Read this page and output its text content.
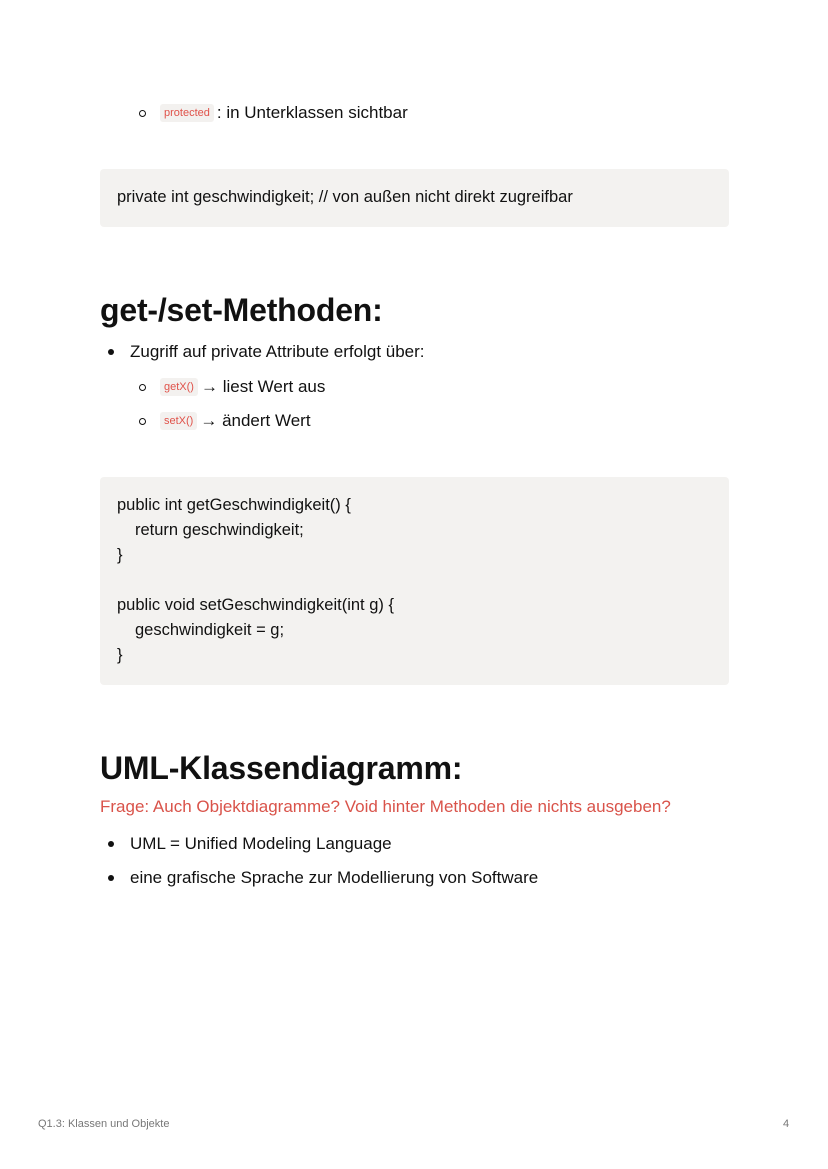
protected : in Unterklassen sichtbar
private int geschwindigkeit; // von außen nicht direkt zugreifbar
get-/set-Methoden:
Zugriff auf private Attribute erfolgt über:
getX() → liest Wert aus
setX() → ändert Wert
public int getGeschwindigkeit() {
return geschwindigkeit;
}
public void setGeschwindigkeit(int g) {
geschwindigkeit = g;
}
UML-Klassendiagramm:
Frage: Auch Objektdiagramme? Void hinter Methoden die nichts ausgeben?
UML = Unified Modeling Language
eine grafische Sprache zur Modellierung von Software
Q1.3: Klassen und Objekte	4
